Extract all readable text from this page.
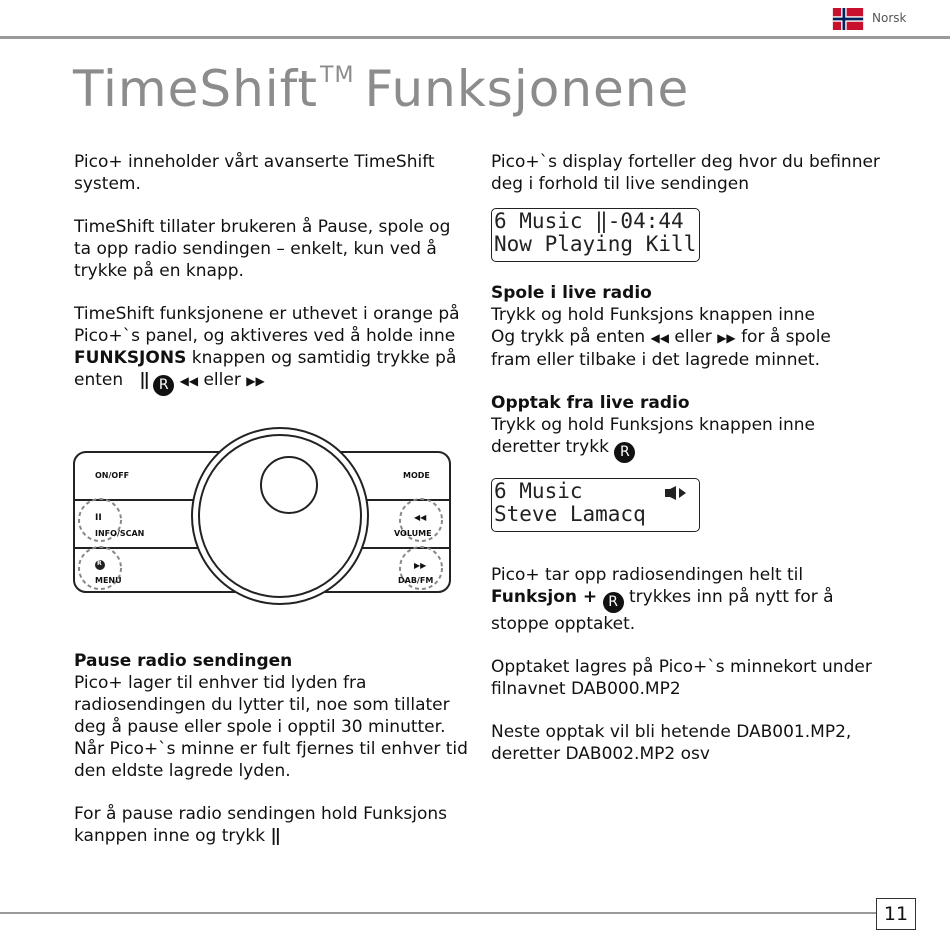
Norsk
TimeShift™ Funksjonene

Pico+ inneholder vårt avanserte TimeShift system.

TimeShift tillater brukeren å Pause, spole og ta opp radio sendingen – enkelt, kun ved å trykke på en knapp.

TimeShift funksjonene er uthevet i orange på Pico+`s panel, og aktiveres ved å holde inne FUNKSJONS knappen og samtidig trykke på enten || R ◀◀ eller ▶▶

ON/OFF	MODE
II
INFO/SCAN
◀◀
VOLUME
R
MENU
▶▶
DAB/FM

Pause radio sendingen

Pico+ lager til enhver tid lyden fra radiosendingen du lytter til, noe som tillater deg å pause eller spole i opptil 30 minutter. Når Pico+`s minne er fult fjernes til enhver tid den eldste lagrede lyden.

For å pause radio sendingen hold Funksjons kanppen inne og trykk ||

Pico+`s display forteller deg hvor du befinner deg i forhold til live sendingen

6 Music ‖-04:44
Now Playing Kill

Spole i live radio

Trykk og hold Funksjons knappen inne

Og trykk på enten ◀◀ eller ▶▶ for å spole

fram eller tilbake i det lagrede minnet.

Opptak fra live radio

Trykk og hold Funksjons knappen inne

deretter trykk R

6 Music
Steve Lamacq

Pico+ tar opp radiosendingen helt til Funksjon + R trykkes inn på nytt for å stoppe opptaket.

Opptaket lagres på Pico+`s minnekort under filnavnet DAB000.MP2

Neste opptak vil bli hetende DAB001.MP2, deretter DAB002.MP2 osv

11
